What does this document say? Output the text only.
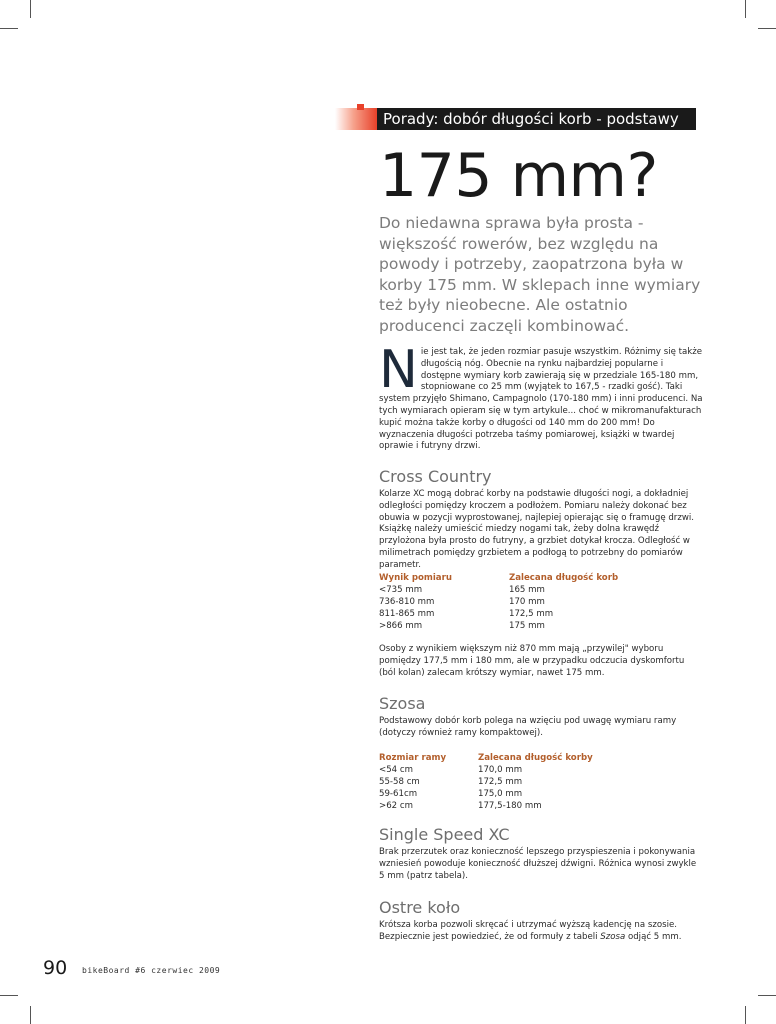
Porady: dobór długości korb - podstawy
175 mm?
Do niedawna sprawa była prosta - większość rowerów, bez względu na powody i potrzeby, zaopatrzona była w korby 175 mm. W sklepach inne wymiary też były nieobecne. Ale ostatnio producenci zaczęli kombinować.
Nie jest tak, że jeden rozmiar pasuje wszystkim. Różnimy się także długością nóg. Obecnie na rynku najbardziej popularne i dostępne wymiary korb zawierają się w przedziale 165-180 mm, stopniowane co 25 mm (wyjątek to 167,5 - rzadki gość). Taki system przyjęło Shimano, Campagnolo (170-180 mm) i inni producenci. Na tych wymiarach opieram się w tym artykule... choć w mikromanufakturach kupić można także korby o długości od 140 mm do 200 mm! Do wyznaczenia długości potrzeba taśmy pomiarowej, książki w twardej oprawie i futryny drzwi.
Cross Country
Kolarze XC mogą dobrać korby na podstawie długości nogi, a dokładniej odległości pomiędzy kroczem a podłożem. Pomiaru należy dokonać bez obuwia w pozycji wyprostowanej, najlepiej opierając się o framugę drzwi. Książkę należy umieścić miedzy nogami tak, żeby dolna krawędź przylożona była prosto do futryny, a grzbiet dotykał krocza. Odległość w milimetrach pomiędzy grzbietem a podłogą to potrzebny do pomiarów parametr.
Wynik pomiaru	Zalecana długość korb
<735 mm	165 mm
736-810 mm	170 mm
811-865 mm	172,5 mm
>866 mm	175 mm
Osoby z wynikiem większym niż 870 mm mają „przywilej" wyboru pomiędzy 177,5 mm i 180 mm, ale w przypadku odczucia dyskomfortu (ból kolan) zalecam krótszy wymiar, nawet 175 mm.
Szosa
Podstawowy dobór korb polega na wzięciu pod uwagę wymiaru ramy (dotyczy również ramy kompaktowej).
Rozmiar ramy	Zalecana długość korby
<54 cm	170,0 mm
55-58 cm	172,5 mm
59-61cm	175,0 mm
>62 cm	177,5-180 mm
Single Speed XC
Brak przerzutek oraz konieczność lepszego przyspieszenia i pokonywania wzniesień powoduje konieczność dłuższej dźwigni. Różnica wynosi zwykle 5 mm (patrz tabela).
Ostre koło
Krótsza korba pozwoli skręcać i utrzymać wyższą kadencję na szosie. Bezpiecznie jest powiedzieć, że od formuły z tabeli Szosa odjąć 5 mm.
90 bikeBoard #6 czerwiec 2009
